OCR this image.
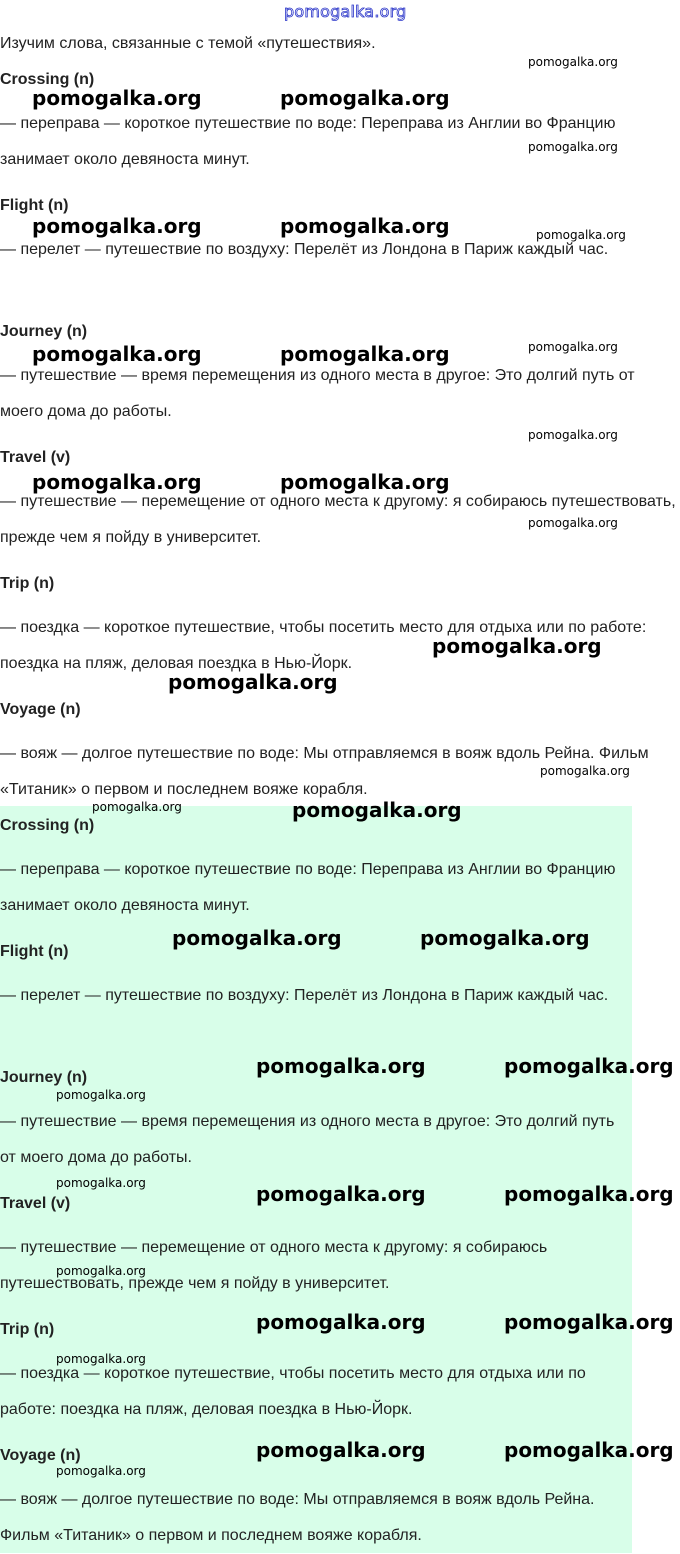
pomogalka.org
Изучим слова, связанные с темой «путешествия».
Crossing (n)

— переправа — короткое путешествие по воде: Переправа из Англии во Францию занимает около девяноста минут.

Flight (n)

— перелет — путешествие по воздуху: Перелёт из Лондона в Париж каждый час.

Journey (n)

— путешествие — время перемещения из одного места в другое: Это долгий путь от моего дома до работы.

Travel (v)

— путешествие — перемещение от одного места к другому: я собираюсь путешествовать, прежде чем я пойду в университет.

Trip (n)

— поездка — короткое путешествие, чтобы посетить место для отдыха или по работе: поездка на пляж, деловая поездка в Нью-Йорк.

Voyage (n)

— вояж — долгое путешествие по воде: Мы отправляемся в вояж вдоль Рейна. Фильм «Титаник» о первом и последнем вояже корабля.

Crossing (n)

— переправа — короткое путешествие по воде: Переправа из Англии во Францию занимает около девяноста минут.

Flight (n)

— перелет — путешествие по воздуху: Перелёт из Лондона в Париж каждый час.

Journey (n)

— путешествие — время перемещения из одного места в другое: Это долгий путь от моего дома до работы.

Travel (v)

— путешествие — перемещение от одного места к другому: я собираюсь путешествовать, прежде чем я пойду в университет.

Trip (n)

— поездка — короткое путешествие, чтобы посетить место для отдыха или по работе: поездка на пляж, деловая поездка в Нью-Йорк.

Voyage (n)

— вояж — долгое путешествие по воде: Мы отправляемся в вояж вдоль Рейна. Фильм «Титаник» о первом и последнем вояже корабля.

pomogalka.org
pomogalka.org	pomogalka.org
pomogalka.org
pomogalka.org	pomogalka.org	pomogalka.org
pomogalka.org
pomogalka.org	pomogalka.org
pomogalka.org
pomogalka.org	pomogalka.org
pomogalka.org
pomogalka.org
pomogalka.org
pomogalka.org
pomogalka.org	pomogalka.org
pomogalka.org	pomogalka.org
pomogalka.org	pomogalka.org
pomogalka.org
pomogalka.org	pomogalka.org	pomogalka.org
pomogalka.org
pomogalka.org	pomogalka.org
pomogalka.org
pomogalka.org	pomogalka.org
pomogalka.org
